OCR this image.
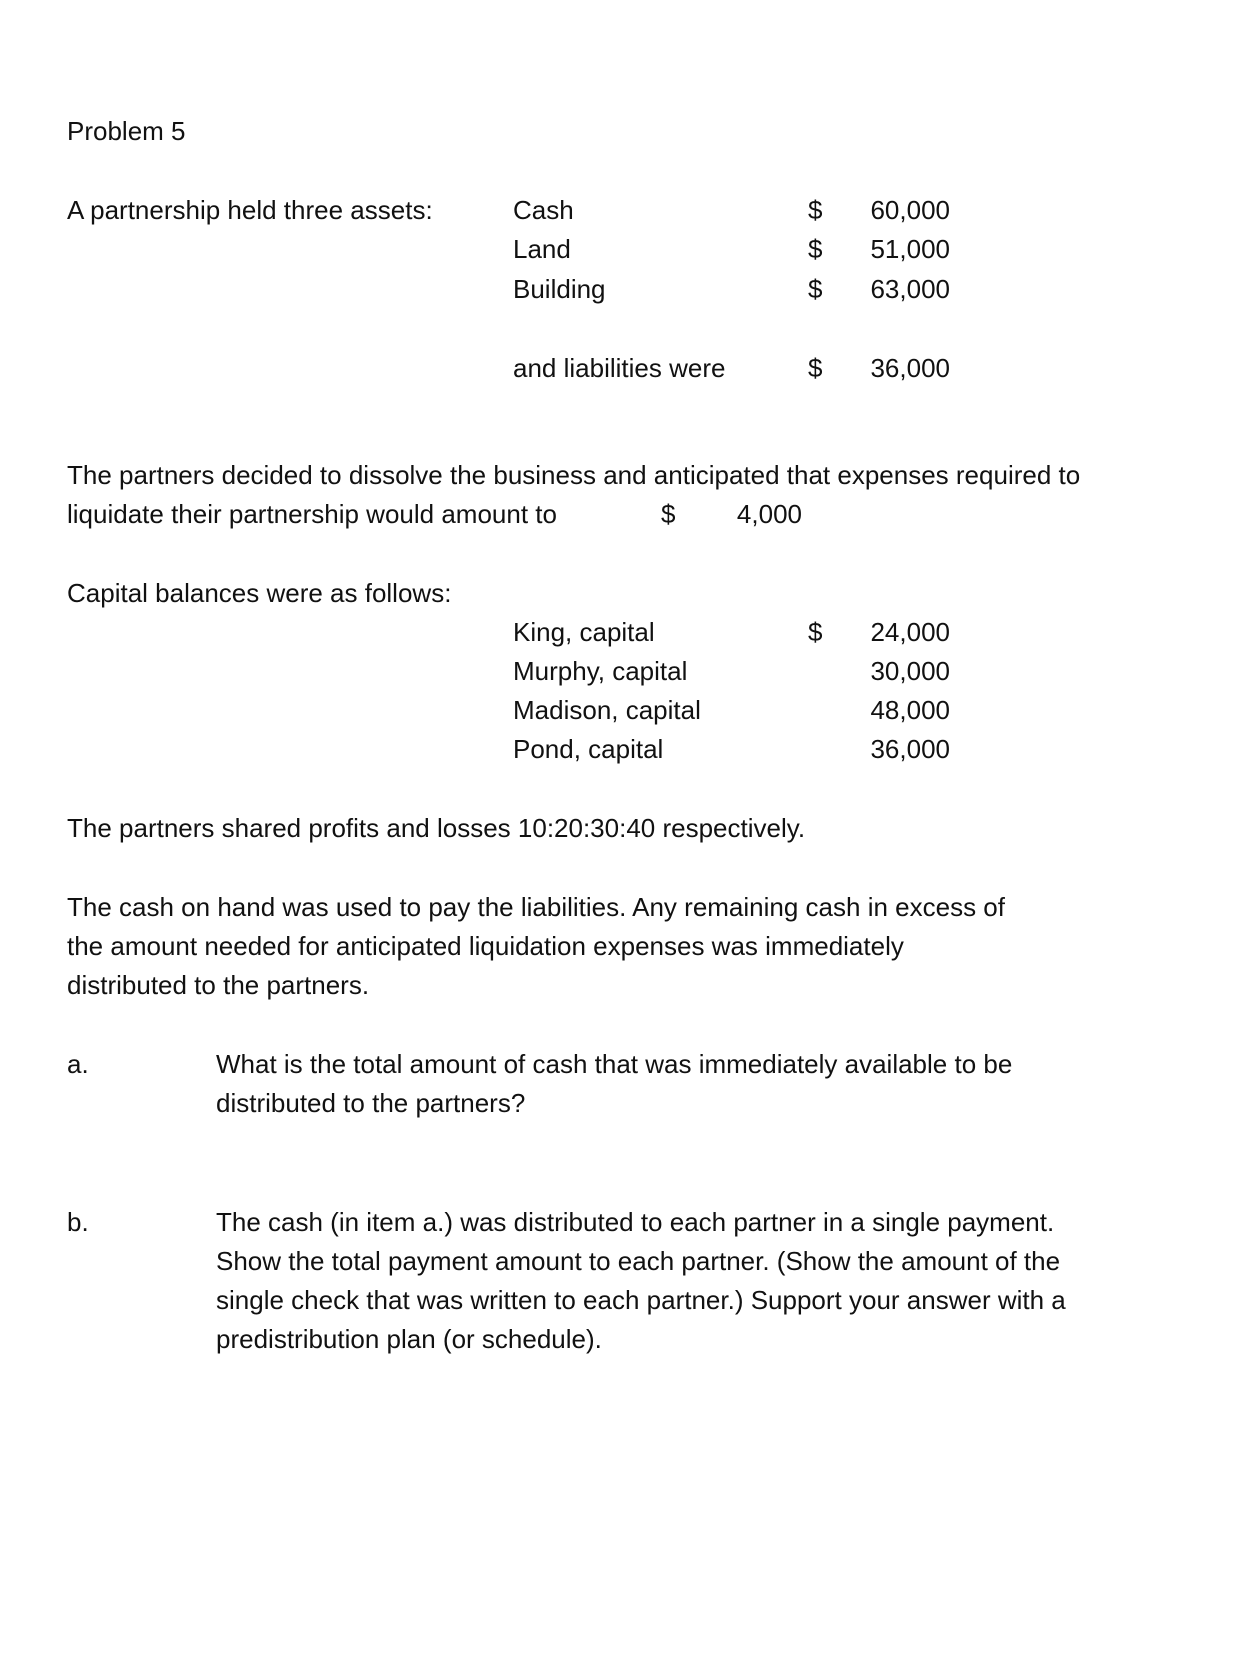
Problem 5
A partnership held three assets:	Cash	$	60,000
Land	$	51,000
Building	$	63,000
and liabilities were	$	36,000
The partners decided to dissolve the business and anticipated that expenses required to
liquidate their partnership would amount to	$	4,000
Capital balances were as follows:
King, capital	$	24,000
Murphy, capital	30,000
Madison, capital	48,000
Pond, capital	36,000
The partners shared profits and losses 10:20:30:40 respectively.
The cash on hand was used to pay the liabilities. Any remaining cash in excess of
the amount needed for anticipated liquidation expenses was immediately
distributed to the partners.
a.	What is the total amount of cash that was immediately available to be
distributed to the partners?
b.	The cash (in item a.) was distributed to each partner in a single payment.
Show the total payment amount to each partner. (Show the amount of the
single check that was written to each partner.) Support your answer with a
predistribution plan (or schedule).
